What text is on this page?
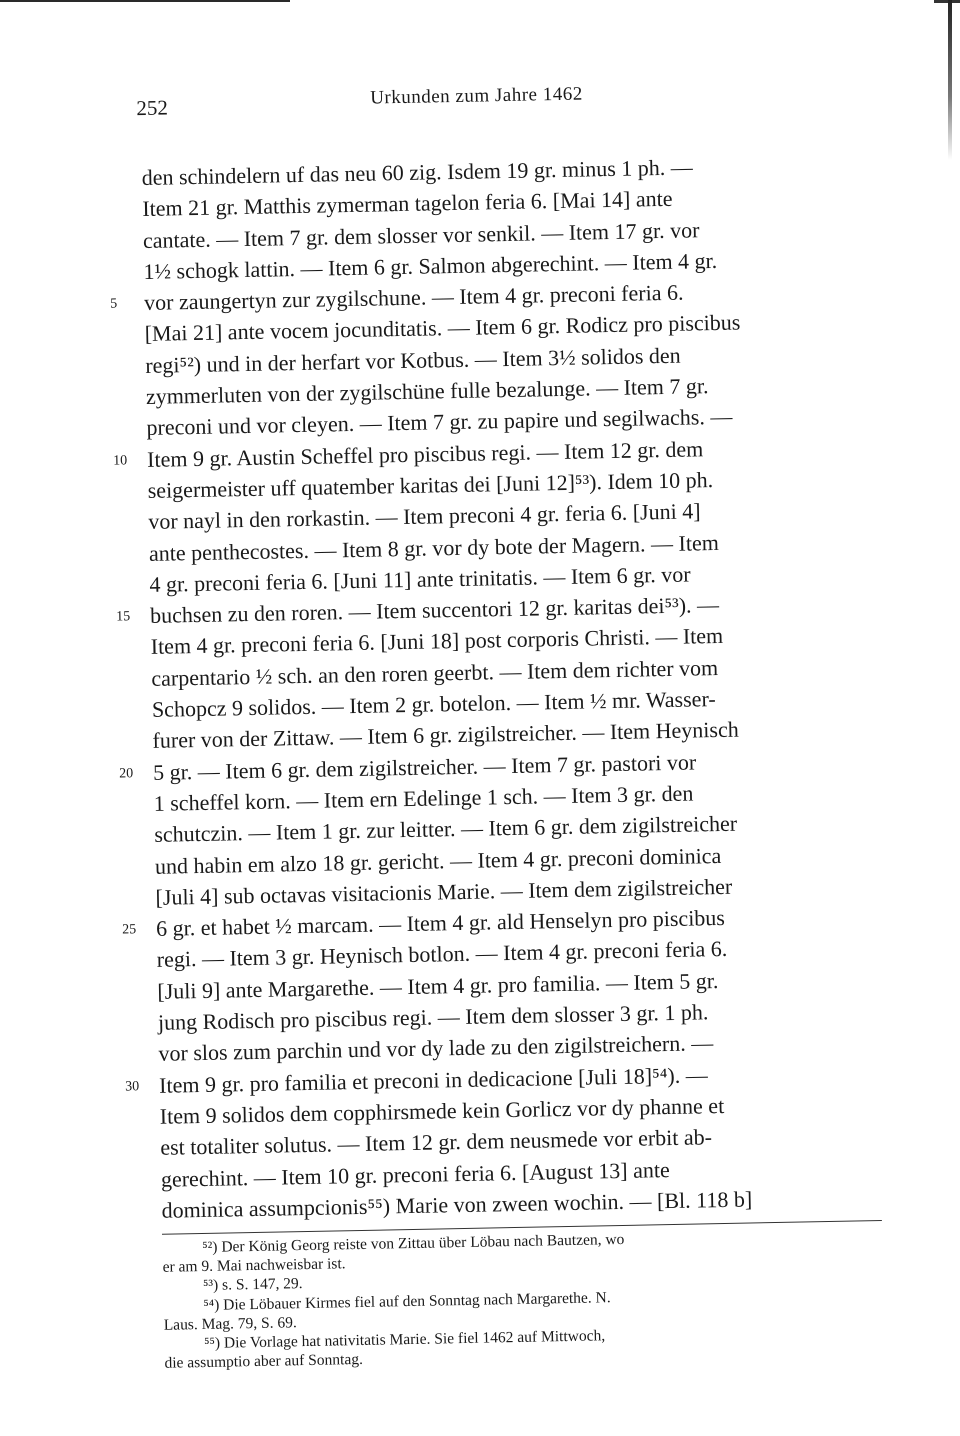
252	Urkunden zum Jahre 1462
den schindelern uf das neu 60 zig. Isdem 19 gr. minus 1 ph. —
Item 21 gr. Matthis zymerman tagelon feria 6. [Mai 14] ante
cantate. — Item 7 gr. dem slosser vor senkil. — Item 17 gr. vor
1½ schogk lattin. — Item 6 gr. Salmon abgerechint. — Item 4 gr.
5	vor zaungertyn zur zygilschune. — Item 4 gr. preconi feria 6.
[Mai 21] ante vocem jocunditatis. — Item 6 gr. Rodicz pro piscibus
regi⁵²) und in der herfart vor Kotbus. — Item 3½ solidos den
zymmerluten von der zygilschüne fulle bezalunge. — Item 7 gr.
preconi und vor cleyen. — Item 7 gr. zu papire und segilwachs. —
10 Item 9 gr. Austin Scheffel pro piscibus regi. — Item 12 gr. dem
seigermeister uff quatember karitas dei [Juni 12]⁵³). Idem 10 ph.
vor nayl in den rorkastin. — Item preconi 4 gr. feria 6. [Juni 4]
ante penthecostes. — Item 8 gr. vor dy bote der Magern. — Item
4 gr. preconi feria 6. [Juni 11] ante trinitatis. — Item 6 gr. vor
15 buchsen zu den roren. — Item succentori 12 gr. karitas dei⁵³). —
Item 4 gr. preconi feria 6. [Juni 18] post corporis Christi. — Item
carpentario ½ sch. an den roren geerbt. — Item dem richter vom
Schopcz 9 solidos. — Item 2 gr. botelon. — Item ½ mr. Wasser-
furer von der Zittaw. — Item 6 gr. zigilstreicher. — Item Heynisch
20 5 gr. — Item 6 gr. dem zigilstreicher. — Item 7 gr. pastori vor
1 scheffel korn. — Item ern Edelinge 1 sch. — Item 3 gr. den
schutczin. — Item 1 gr. zur leitter. — Item 6 gr. dem zigilstreicher
und habin em alzo 18 gr. gericht. — Item 4 gr. preconi dominica
[Juli 4] sub octavas visitacionis Marie. — Item dem zigilstreicher
25 6 gr. et habet ½ marcam. — Item 4 gr. ald Henselyn pro piscibus
regi. — Item 3 gr. Heynisch botlon. — Item 4 gr. preconi feria 6.
[Juli 9] ante Margarethe. — Item 4 gr. pro familia. — Item 5 gr.
jung Rodisch pro piscibus regi. — Item dem slosser 3 gr. 1 ph.
vor slos zum parchin und vor dy lade zu den zigilstreichern. —
30 Item 9 gr. pro familia et preconi in dedicacione [Juli 18]⁵⁴). —
Item 9 solidos dem copphirsmede kein Gorlicz vor dy phanne et
est totaliter solutus. — Item 12 gr. dem neusmede vor erbit ab-
gerechint. — Item 10 gr. preconi feria 6. [August 13] ante
dominica assumpcionis⁵⁵) Marie von zween wochin. — [Bl. 118 b]
⁵²) Der König Georg reiste von Zittau über Löbau nach Bautzen, wo
er am 9. Mai nachweisbar ist.
⁵³) s. S. 147, 29.
⁵⁴) Die Löbauer Kirmes fiel auf den Sonntag nach Margarethe. N.
Laus. Mag. 79, S. 69.
⁵⁵) Die Vorlage hat nativitatis Marie. Sie fiel 1462 auf Mittwoch,
die assumptio aber auf Sonntag.
